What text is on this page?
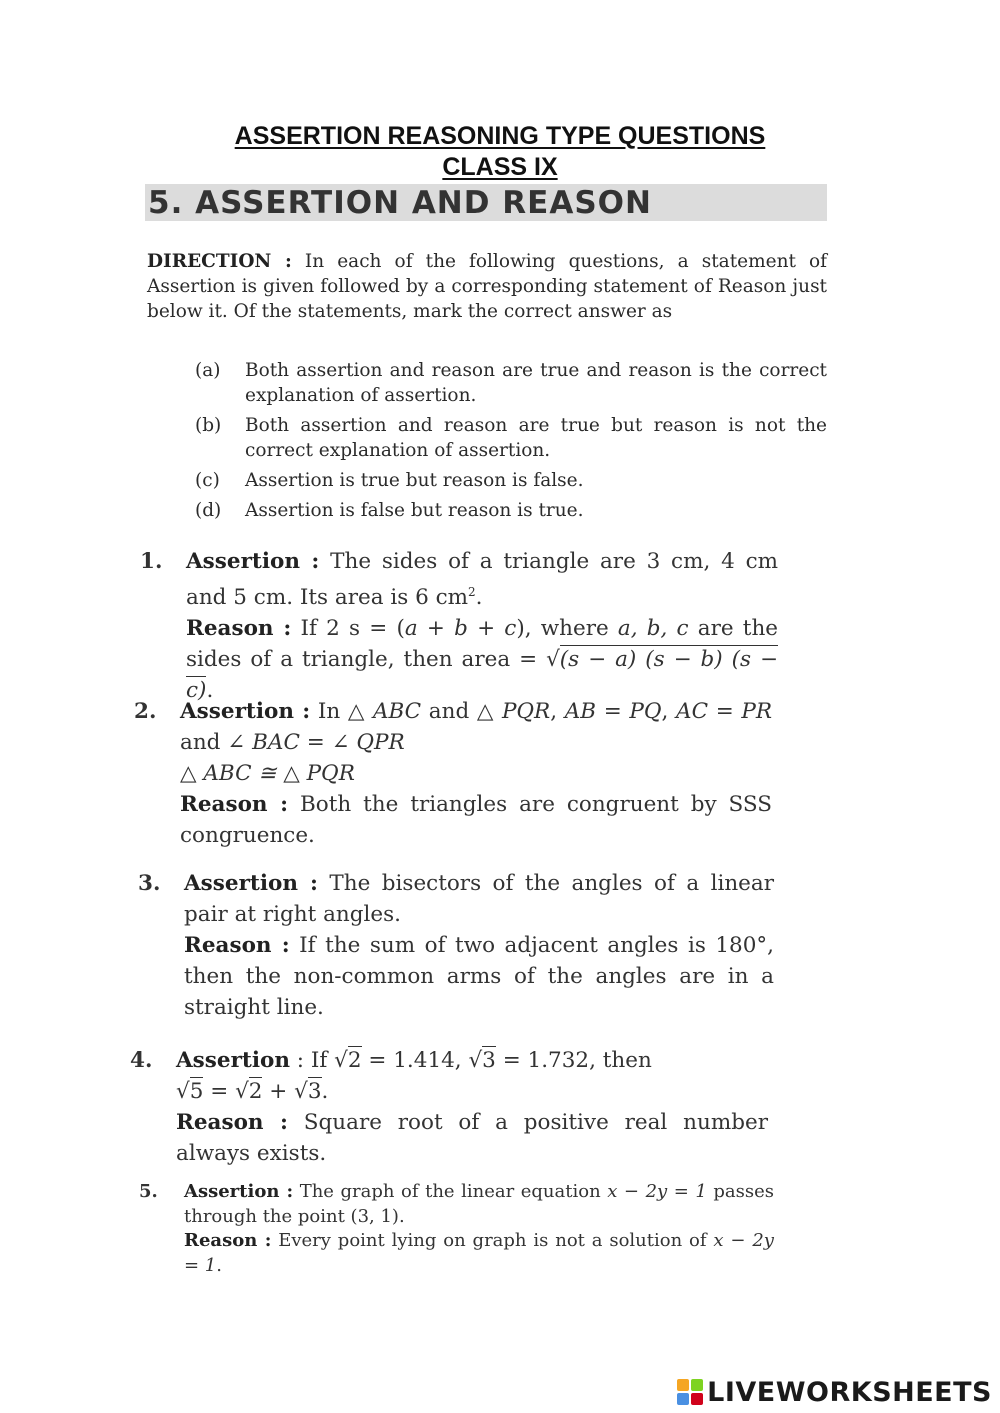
ASSERTION REASONING TYPE QUESTIONS
CLASS IX
5. ASSERTION AND REASON
DIRECTION : In each of the following questions, a statement of Assertion is given followed by a corresponding statement of Reason just below it. Of the statements, mark the correct answer as
(a)	Both assertion and reason are true and reason is the correct explanation of assertion.
(b)	Both assertion and reason are true but reason is not the correct explanation of assertion.
(c)	Assertion is true but reason is false.
(d)	Assertion is false but reason is true.
1. Assertion : The sides of a triangle are 3 cm, 4 cm and 5 cm. Its area is 6 $cm^2$.
Reason : If 2 s = (a + b + c), where a, b, c are the sides of a triangle, then area = √(s − a) (s − b) (s − c).
2. Assertion : In △ ABC and △ PQR, AB = PQ, AC = PR and ∠ BAC = ∠ QPR
△ ABC ≅ △ PQR
Reason : Both the triangles are congruent by SSS congruence.
3. Assertion : The bisectors of the angles of a linear pair at right angles.
Reason : If the sum of two adjacent angles is 180°, then the non-common arms of the angles are in a straight line.
4. Assertion : If √2 = 1.414, √3 = 1.732, then
√5 = √2 + √3.
Reason : Square root of a positive real number always exists.
5. Assertion : The graph of the linear equation x − 2y = 1 passes through the point (3, 1).
Reason : Every point lying on graph is not a solution of x − 2y = 1.
LIVEWORKSHEETS
